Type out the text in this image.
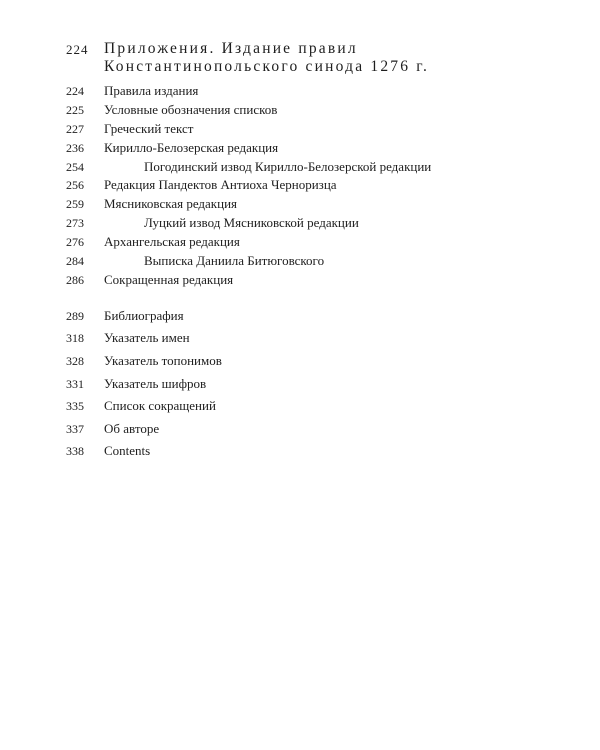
224	Приложения. Издание правил
Константинопольского синода 1276 г.
224	Правила издания
225	Условные обозначения списков
227	Греческий текст
236	Кирилло-Белозерская редакция
254	Погодинский извод Кирилло-Белозерской редакции
256	Редакция Пандектов Антиоха Черноризца
259	Мясниковская редакция
273	Луцкий извод Мясниковской редакции
276	Архангельская редакция
284	Выписка Даниила Битюговского
286	Сокращенная редакция
289	Библиография
318	Указатель имен
328	Указатель топонимов
331	Указатель шифров
335	Список сокращений
337	Об авторе
338	Contents
